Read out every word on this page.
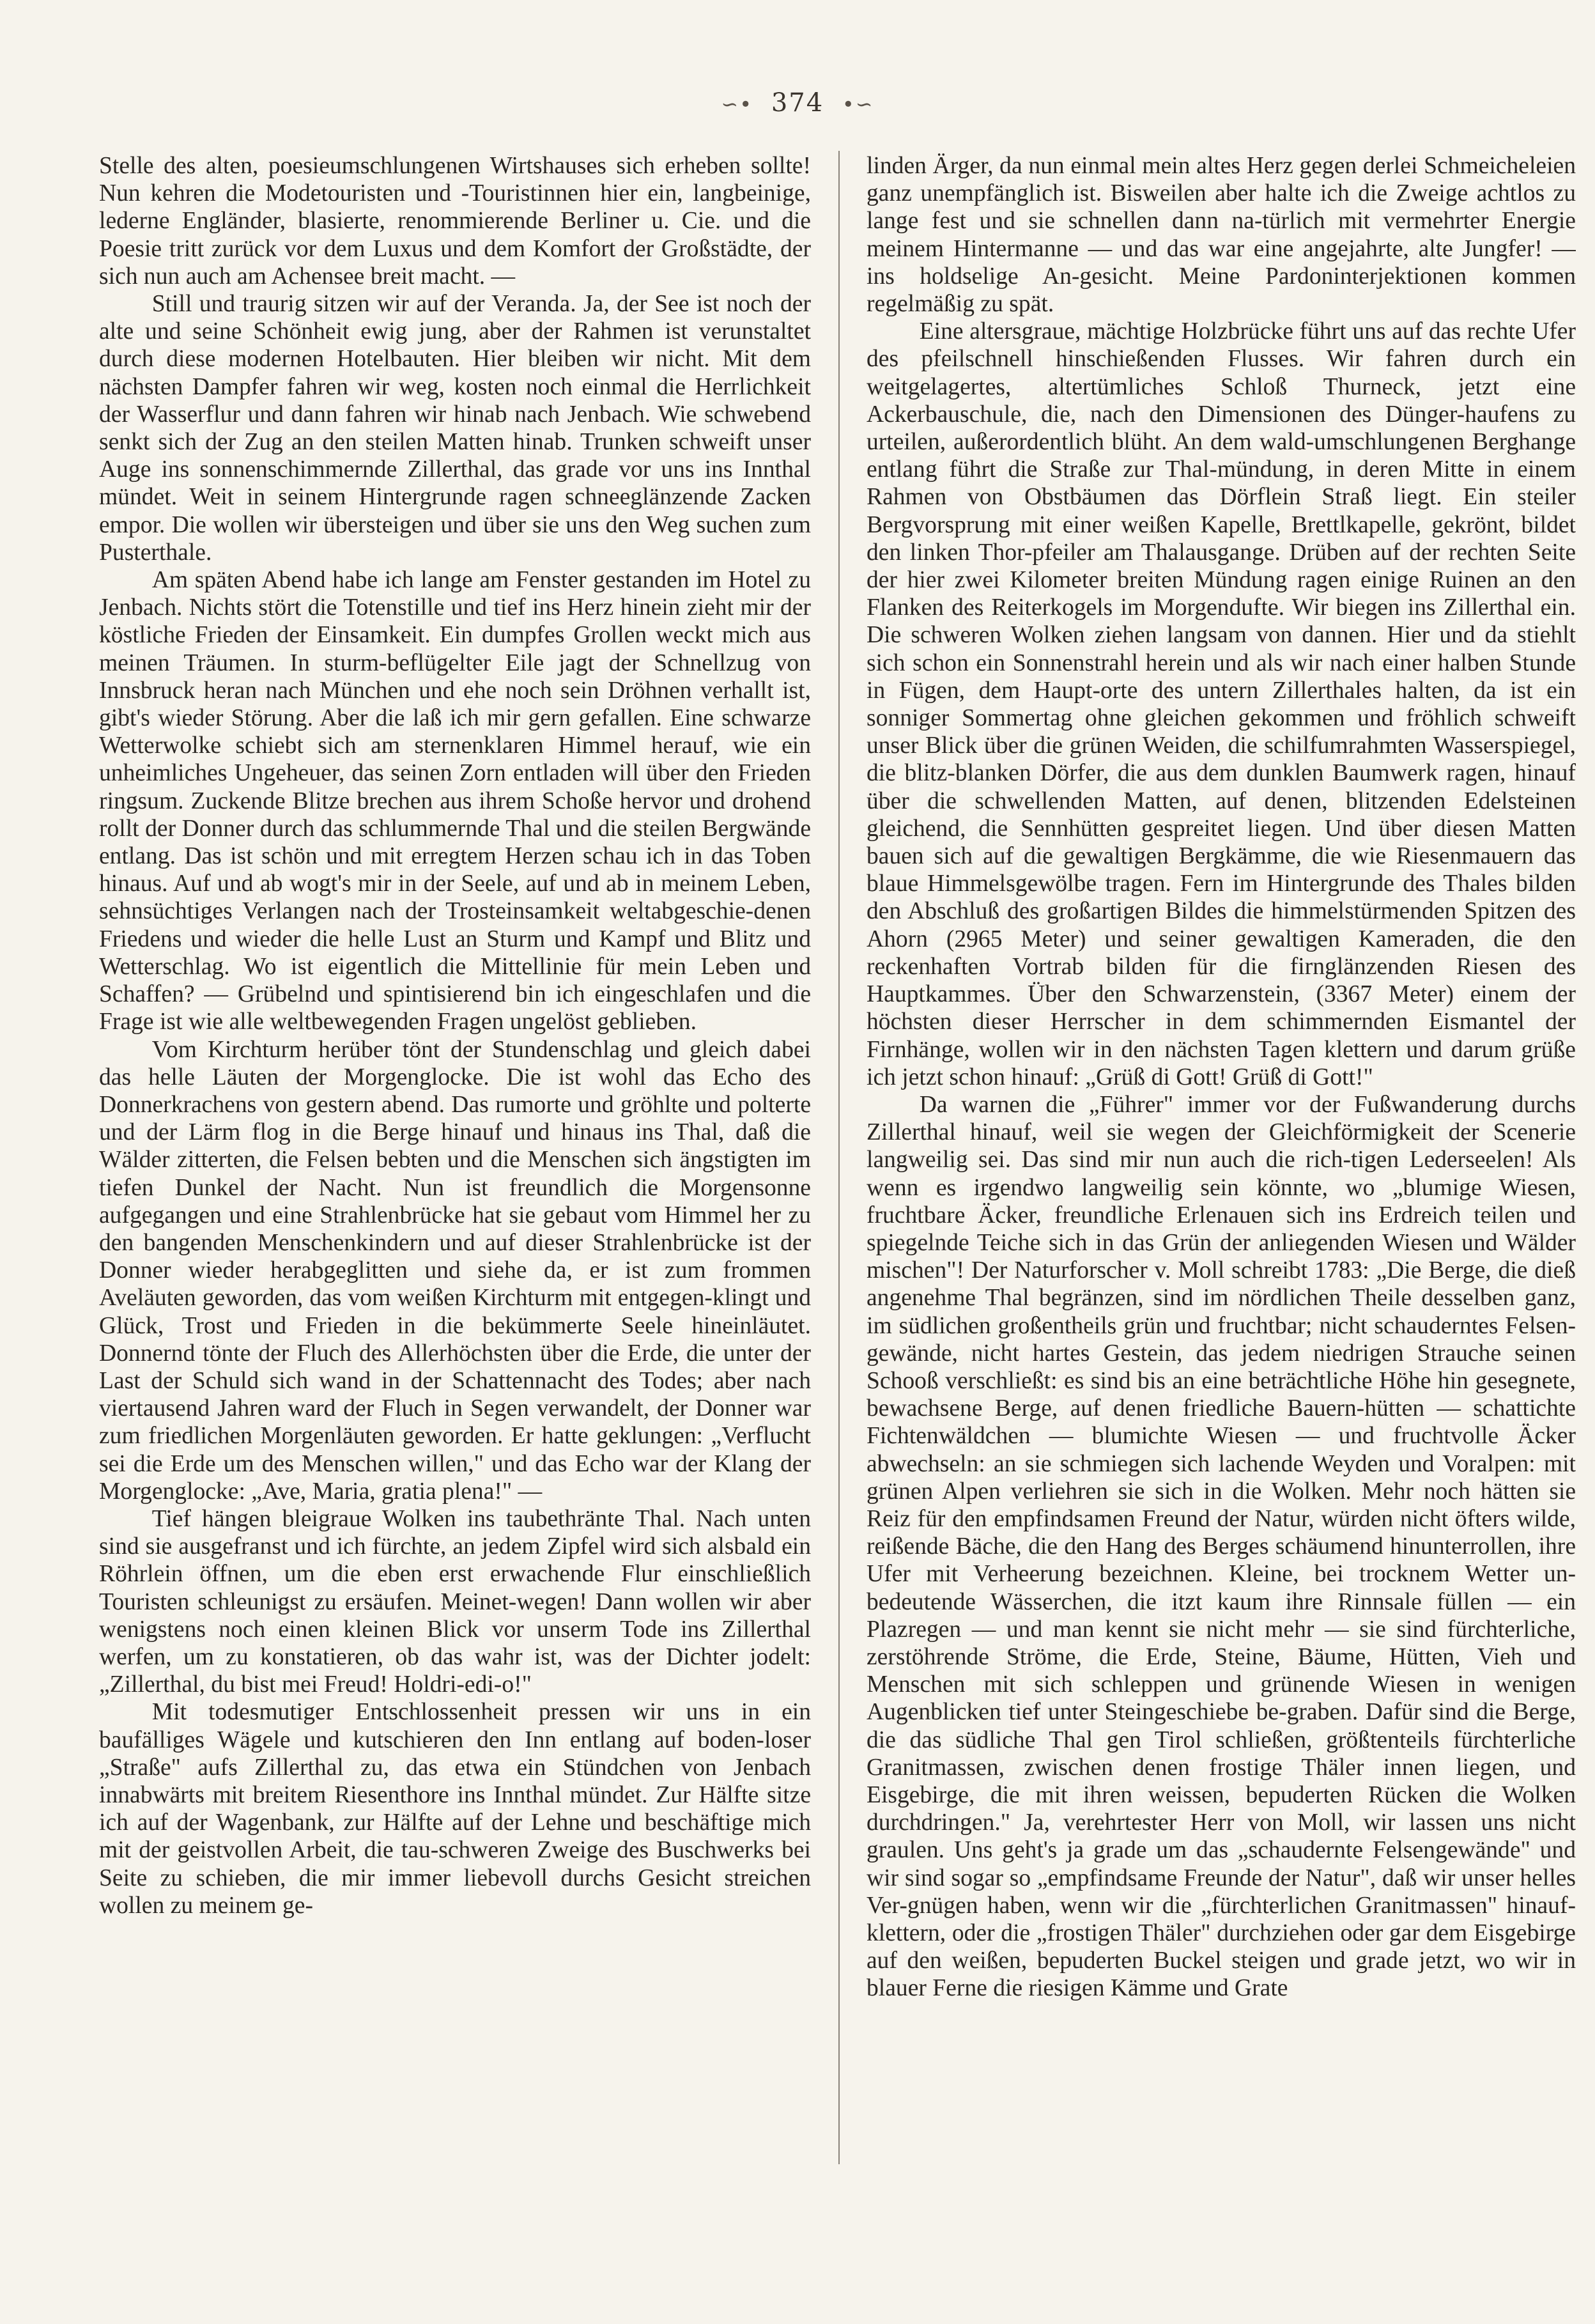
∽• 374 •∽

Stelle des alten, poesieumschlungenen Wirtshauses sich erheben sollte! Nun kehren die Modetouristen und -Touristinnen hier ein, langbeinige, lederne Engländer, blasierte, renommierende Berliner u. Cie. und die Poesie tritt zurück vor dem Luxus und dem Komfort der Großstädte, der sich nun auch am Achensee breit macht. —

Still und traurig sitzen wir auf der Veranda. Ja, der See ist noch der alte und seine Schönheit ewig jung, aber der Rahmen ist verunstaltet durch diese modernen Hotelbauten. Hier bleiben wir nicht. Mit dem nächsten Dampfer fahren wir weg, kosten noch einmal die Herrlichkeit der Wasserflur und dann fahren wir hinab nach Jenbach. Wie schwebend senkt sich der Zug an den steilen Matten hinab. Trunken schweift unser Auge ins sonnenschimmernde Zillerthal, das grade vor uns ins Innthal mündet. Weit in seinem Hintergrunde ragen schneeglänzende Zacken empor. Die wollen wir übersteigen und über sie uns den Weg suchen zum Pusterthale.

Am späten Abend habe ich lange am Fenster gestanden im Hotel zu Jenbach. Nichts stört die Totenstille und tief ins Herz hinein zieht mir der köstliche Frieden der Einsamkeit. Ein dumpfes Grollen weckt mich aus meinen Träumen. In sturm-beflügelter Eile jagt der Schnellzug von Innsbruck heran nach München und ehe noch sein Dröhnen verhallt ist, gibt's wieder Störung. Aber die laß ich mir gern gefallen. Eine schwarze Wetterwolke schiebt sich am sternenklaren Himmel herauf, wie ein unheimliches Ungeheuer, das seinen Zorn entladen will über den Frieden ringsum. Zuckende Blitze brechen aus ihrem Schoße hervor und drohend rollt der Donner durch das schlummernde Thal und die steilen Bergwände entlang. Das ist schön und mit erregtem Herzen schau ich in das Toben hinaus. Auf und ab wogt's mir in der Seele, auf und ab in meinem Leben, sehnsüchtiges Verlangen nach der Trosteinsamkeit weltabgeschie-denen Friedens und wieder die helle Lust an Sturm und Kampf und Blitz und Wetterschlag. Wo ist eigentlich die Mittellinie für mein Leben und Schaffen? — Grübelnd und spintisierend bin ich eingeschlafen und die Frage ist wie alle weltbewegenden Fragen ungelöst geblieben.

Vom Kirchturm herüber tönt der Stundenschlag und gleich dabei das helle Läuten der Morgenglocke. Die ist wohl das Echo des Donnerkrachens von gestern abend. Das rumorte und gröhlte und polterte und der Lärm flog in die Berge hinauf und hinaus ins Thal, daß die Wälder zitterten, die Felsen bebten und die Menschen sich ängstigten im tiefen Dunkel der Nacht. Nun ist freundlich die Morgensonne aufgegangen und eine Strahlenbrücke hat sie gebaut vom Himmel her zu den bangenden Menschenkindern und auf dieser Strahlenbrücke ist der Donner wieder herabgeglitten und siehe da, er ist zum frommen Aveläuten geworden, das vom weißen Kirchturm mit entgegen-klingt und Glück, Trost und Frieden in die bekümmerte Seele hineinläutet. Donnernd tönte der Fluch des Allerhöchsten über die Erde, die unter der Last der Schuld sich wand in der Schattennacht des Todes; aber nach viertausend Jahren ward der Fluch in Segen verwandelt, der Donner war zum friedlichen Morgenläuten geworden. Er hatte geklungen: „Verflucht sei die Erde um des Menschen willen," und das Echo war der Klang der Morgenglocke: „Ave, Maria, gratia plena!" —

Tief hängen bleigraue Wolken ins taubethränte Thal. Nach unten sind sie ausgefranst und ich fürchte, an jedem Zipfel wird sich alsbald ein Röhrlein öffnen, um die eben erst erwachende Flur einschließlich Touristen schleunigst zu ersäufen. Meinet-wegen! Dann wollen wir aber wenigstens noch einen kleinen Blick vor unserm Tode ins Zillerthal werfen, um zu konstatieren, ob das wahr ist, was der Dichter jodelt: „Zillerthal, du bist mei Freud! Holdri-edi-o!"

Mit todesmutiger Entschlossenheit pressen wir uns in ein baufälliges Wägele und kutschieren den Inn entlang auf boden-loser „Straße" aufs Zillerthal zu, das etwa ein Stündchen von Jenbach innabwärts mit breitem Riesenthore ins Innthal mündet. Zur Hälfte sitze ich auf der Wagenbank, zur Hälfte auf der Lehne und beschäftige mich mit der geistvollen Arbeit, die tau-schweren Zweige des Buschwerks bei Seite zu schieben, die mir immer liebevoll durchs Gesicht streichen wollen zu meinem ge-

linden Ärger, da nun einmal mein altes Herz gegen derlei Schmeicheleien ganz unempfänglich ist. Bisweilen aber halte ich die Zweige achtlos zu lange fest und sie schnellen dann na-türlich mit vermehrter Energie meinem Hintermanne — und das war eine angejahrte, alte Jungfer! — ins holdselige An-gesicht. Meine Pardoninterjektionen kommen regelmäßig zu spät.

Eine altersgraue, mächtige Holzbrücke führt uns auf das rechte Ufer des pfeilschnell hinschießenden Flusses. Wir fahren durch ein weitgelagertes, altertümliches Schloß Thurneck, jetzt eine Ackerbauschule, die, nach den Dimensionen des Dünger-haufens zu urteilen, außerordentlich blüht. An dem wald-umschlungenen Berghange entlang führt die Straße zur Thal-mündung, in deren Mitte in einem Rahmen von Obstbäumen das Dörflein Straß liegt. Ein steiler Bergvorsprung mit einer weißen Kapelle, Brettlkapelle, gekrönt, bildet den linken Thor-pfeiler am Thalausgange. Drüben auf der rechten Seite der hier zwei Kilometer breiten Mündung ragen einige Ruinen an den Flanken des Reiterkogels im Morgendufte. Wir biegen ins Zillerthal ein. Die schweren Wolken ziehen langsam von dannen. Hier und da stiehlt sich schon ein Sonnenstrahl herein und als wir nach einer halben Stunde in Fügen, dem Haupt-orte des untern Zillerthales halten, da ist ein sonniger Sommertag ohne gleichen gekommen und fröhlich schweift unser Blick über die grünen Weiden, die schilfumrahmten Wasserspiegel, die blitz-blanken Dörfer, die aus dem dunklen Baumwerk ragen, hinauf über die schwellenden Matten, auf denen, blitzenden Edelsteinen gleichend, die Sennhütten gespreitet liegen. Und über diesen Matten bauen sich auf die gewaltigen Bergkämme, die wie Riesenmauern das blaue Himmelsgewölbe tragen. Fern im Hintergrunde des Thales bilden den Abschluß des großartigen Bildes die himmelstürmenden Spitzen des Ahorn (2965 Meter) und seiner gewaltigen Kameraden, die den reckenhaften Vortrab bilden für die firnglänzenden Riesen des Hauptkammes. Über den Schwarzenstein, (3367 Meter) einem der höchsten dieser Herrscher in dem schimmernden Eismantel der Firnhänge, wollen wir in den nächsten Tagen klettern und darum grüße ich jetzt schon hinauf: „Grüß di Gott! Grüß di Gott!"

Da warnen die „Führer" immer vor der Fußwanderung durchs Zillerthal hinauf, weil sie wegen der Gleichförmigkeit der Scenerie langweilig sei. Das sind mir nun auch die rich-tigen Lederseelen! Als wenn es irgendwo langweilig sein könnte, wo „blumige Wiesen, fruchtbare Äcker, freundliche Erlenauen sich ins Erdreich teilen und spiegelnde Teiche sich in das Grün der anliegenden Wiesen und Wälder mischen"! Der Naturforscher v. Moll schreibt 1783: „Die Berge, die dieß angenehme Thal begränzen, sind im nördlichen Theile desselben ganz, im südlichen großentheils grün und fruchtbar; nicht schauderntes Felsen-gewände, nicht hartes Gestein, das jedem niedrigen Strauche seinen Schooß verschließt: es sind bis an eine beträchtliche Höhe hin gesegnete, bewachsene Berge, auf denen friedliche Bauern-hütten — schattichte Fichtenwäldchen — blumichte Wiesen — und fruchtvolle Äcker abwechseln: an sie schmiegen sich lachende Weyden und Voralpen: mit grünen Alpen verliehren sie sich in die Wolken. Mehr noch hätten sie Reiz für den empfindsamen Freund der Natur, würden nicht öfters wilde, reißende Bäche, die den Hang des Berges schäumend hinunterrollen, ihre Ufer mit Verheerung bezeichnen. Kleine, bei trocknem Wetter un-bedeutende Wässerchen, die itzt kaum ihre Rinnsale füllen — ein Plazregen — und man kennt sie nicht mehr — sie sind fürchterliche, zerstöhrende Ströme, die Erde, Steine, Bäume, Hütten, Vieh und Menschen mit sich schleppen und grünende Wiesen in wenigen Augenblicken tief unter Steingeschiebe be-graben. Dafür sind die Berge, die das südliche Thal gen Tirol schließen, größtenteils fürchterliche Granitmassen, zwischen denen frostige Thäler innen liegen, und Eisgebirge, die mit ihren weissen, bepuderten Rücken die Wolken durchdringen." Ja, verehrtester Herr von Moll, wir lassen uns nicht graulen. Uns geht's ja grade um das „schaudernte Felsengewände" und wir sind sogar so „empfindsame Freunde der Natur", daß wir unser helles Ver-gnügen haben, wenn wir die „fürchterlichen Granitmassen" hinauf-klettern, oder die „frostigen Thäler" durchziehen oder gar dem Eisgebirge auf den weißen, bepuderten Buckel steigen und grade jetzt, wo wir in blauer Ferne die riesigen Kämme und Grate
